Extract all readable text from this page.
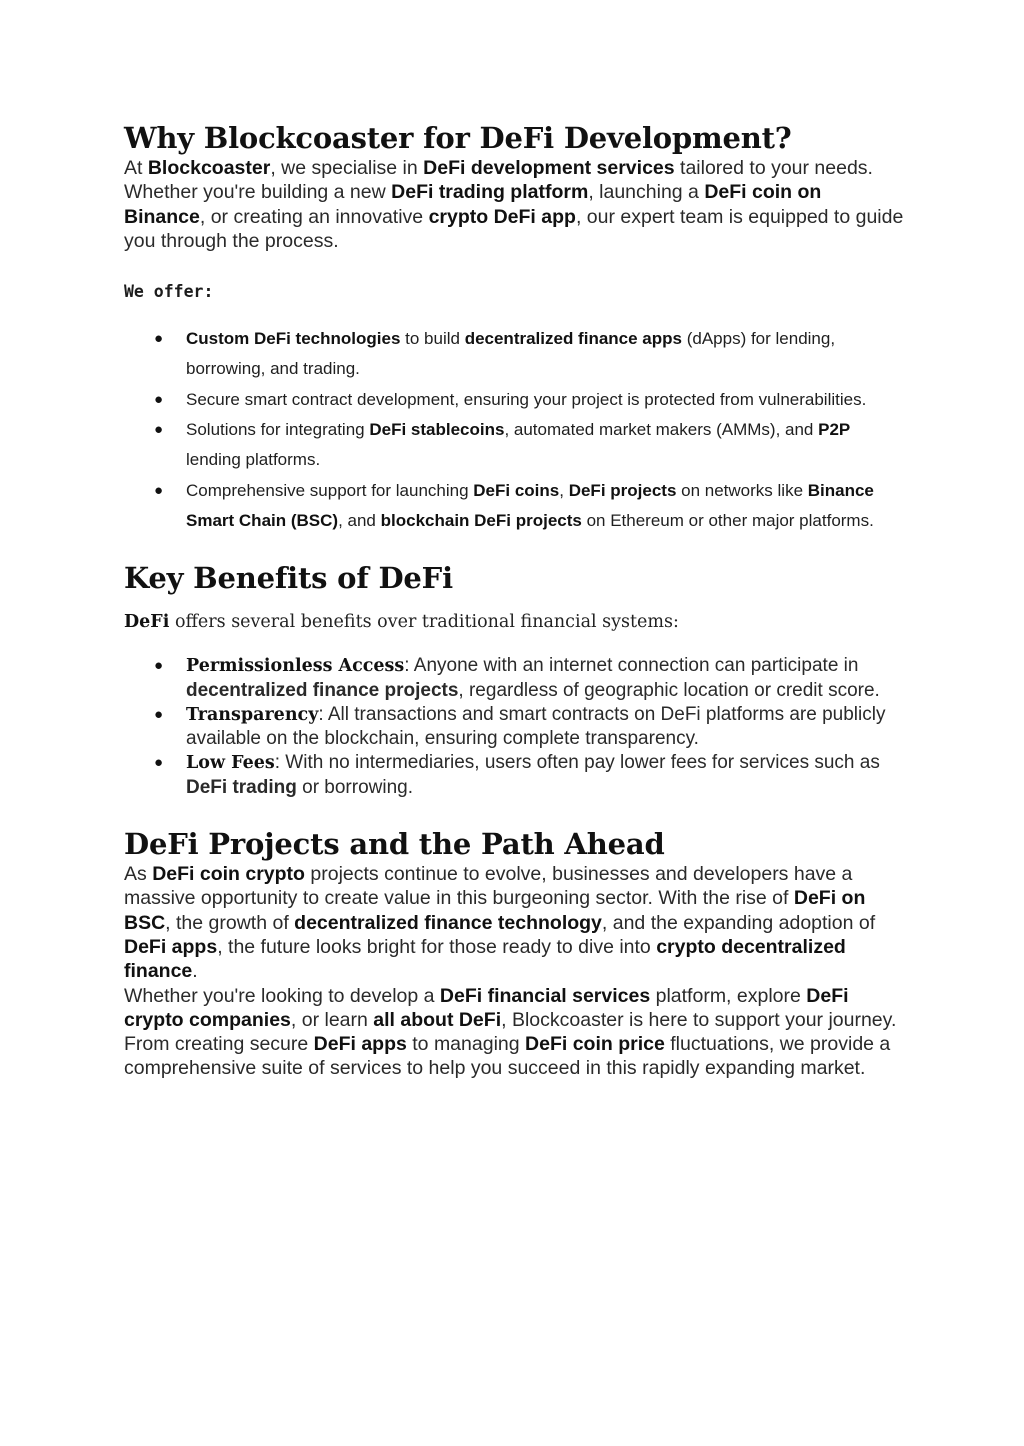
Why Blockcoaster for DeFi Development?

At Blockcoaster, we specialise in DeFi development services tailored to your needs. Whether you're building a new DeFi trading platform, launching a DeFi coin on Binance, or creating an innovative crypto DeFi app, our expert team is equipped to guide you through the process.

We offer:

● Custom DeFi technologies to build decentralized finance apps (dApps) for lending, borrowing, and trading.
● Secure smart contract development, ensuring your project is protected from vulnerabilities.
● Solutions for integrating DeFi stablecoins, automated market makers (AMMs), and P2P lending platforms.
● Comprehensive support for launching DeFi coins, DeFi projects on networks like Binance Smart Chain (BSC), and blockchain DeFi projects on Ethereum or other major platforms.
Key Benefits of DeFi

DeFi offers several benefits over traditional financial systems:

● Permissionless Access: Anyone with an internet connection can participate in decentralized finance projects, regardless of geographic location or credit score.
● Transparency: All transactions and smart contracts on DeFi platforms are publicly available on the blockchain, ensuring complete transparency.
● Low Fees: With no intermediaries, users often pay lower fees for services such as DeFi trading or borrowing.
DeFi Projects and the Path Ahead

As DeFi coin crypto projects continue to evolve, businesses and developers have a massive opportunity to create value in this burgeoning sector. With the rise of DeFi on BSC, the growth of decentralized finance technology, and the expanding adoption of DeFi apps, the future looks bright for those ready to dive into crypto decentralized finance.

Whether you're looking to develop a DeFi financial services platform, explore DeFi crypto companies, or learn all about DeFi, Blockcoaster is here to support your journey. From creating secure DeFi apps to managing DeFi coin price fluctuations, we provide a comprehensive suite of services to help you succeed in this rapidly expanding market.
